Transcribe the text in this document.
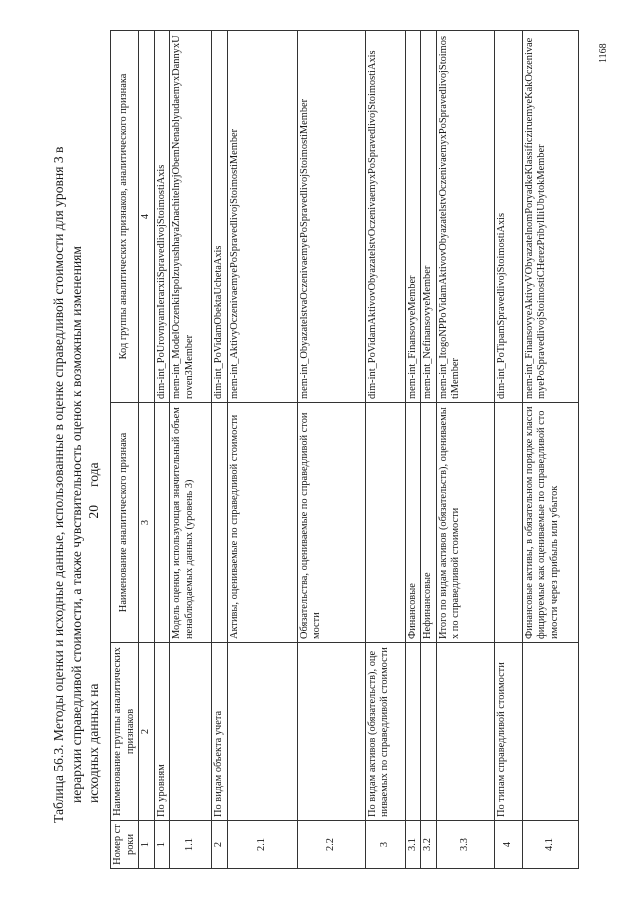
Таблица 56.3. Методы оценки и исходные данные, использованные в оценке справедливой стоимости для уровня 3 в иерархии справедливой стоимости, а также чувствительность оценок к возможным изменениям исходных данных на
20
года
Номер строки	Наименование группы аналитических признаков	Наименование аналитического признака	Код группы аналитических признаков, аналитического признака
1	2	3	4
1	По уровням		dim-int_PoUrovnyamIerarxiiSpravedlivojStoimostiAxis
1.1		Модель оценки, использующая значительный объем ненаблюдаемых данных (уровень 3)	mem-int_ModelOczenkiIspolzuyushhayaZnachitelnyjObemNenablyudaemyxDannyxUroven3Member
2	По видам объекта учета		dim-int_PoVidamObektaUchetaAxis
2.1		Активы, оцениваемые по справедливой стоимости	mem-int_AktivyOczenivaemyePoSpravedlivojStoimostiMember
2.2		Обязательства, оцениваемые по справедливой стоимости	mem-int_ObyazatelstvaOczenivaemyePoSpravedlivojStoimostiMember
3	По видам активов (обязательств), оцениваемых по справедливой стоимости		dim-int_PoVidamAktivovObyazatelstvOczenivaemyxPoSpravedlivojStoimostiAxis
3.1		Финансовые	mem-int_FinansovyeMember
3.2		Нефинансовые	mem-int_NefinansovyeMember
3.3		Итого по видам активов (обязательств), оцениваемых по справедливой стоимости	mem-int_ItogoNPPoVidamAktivovObyazatelstvOczenivaemyxPoSpravedlivojStoimostiMember
4	По типам справедливой стоимости		dim-int_PoTipamSpravedlivojStoimostiAxis
4.1		Финансовые активы, в обязательном порядке классифицируемые как оцениваемые по справедливой стоимости через прибыль или убыток	mem-int_FinansovyeAktivyVObyazatelnomPoryadkeKlassificziruemyeKakOczenivaemyePoSpravedlivojStoimostiCHerezPribylIliUbytokMember
1168
